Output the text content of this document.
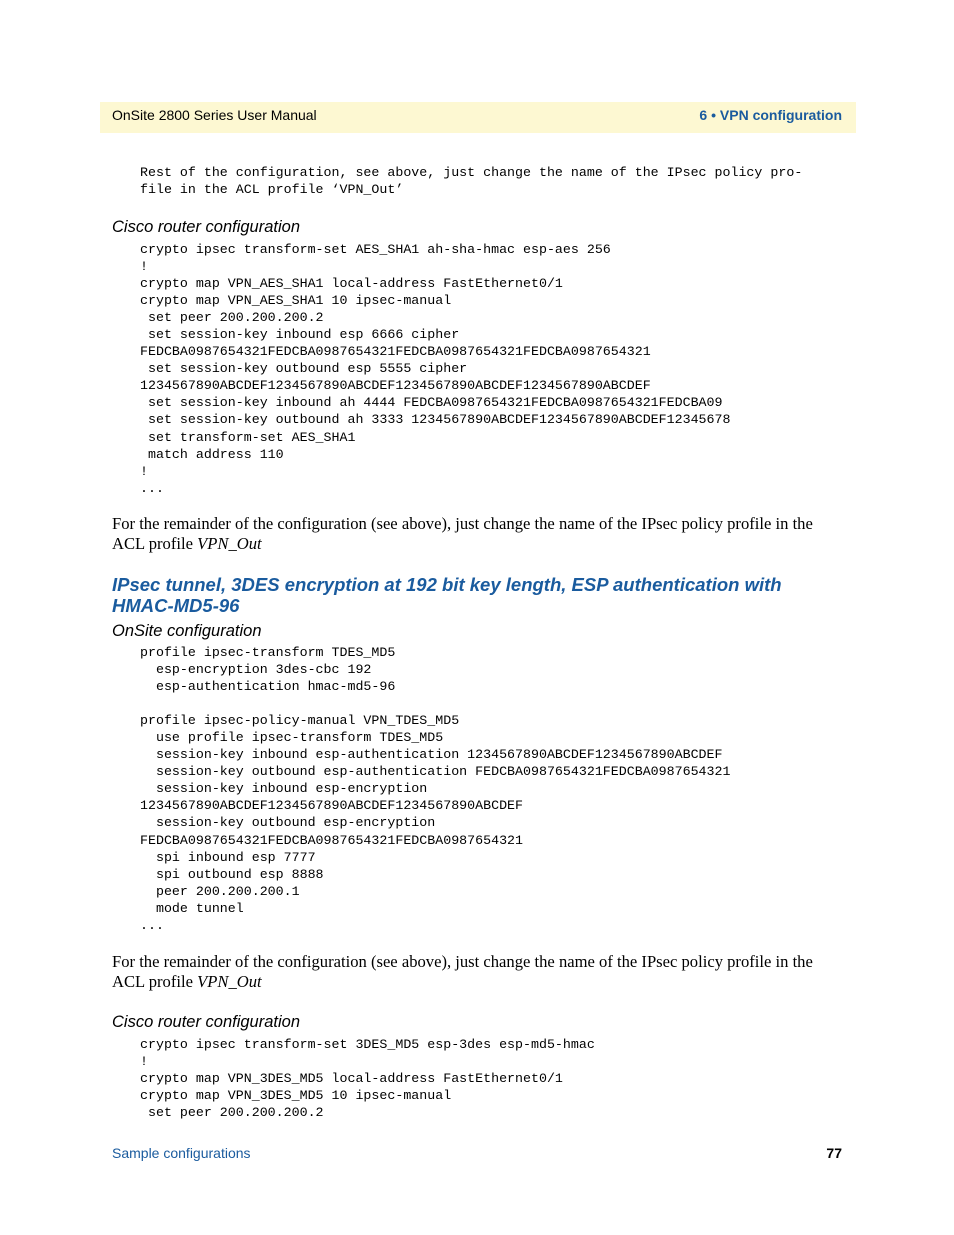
OnSite 2800 Series User Manual	6 • VPN configuration
Rest of the configuration, see above, just change the name of the IPsec policy pro-
file in the ACL profile ‘VPN_Out’
Cisco router configuration
crypto ipsec transform-set AES_SHA1 ah-sha-hmac esp-aes 256
!
crypto map VPN_AES_SHA1 local-address FastEthernet0/1
crypto map VPN_AES_SHA1 10 ipsec-manual
set peer 200.200.200.2
set session-key inbound esp 6666 cipher
FEDCBA0987654321FEDCBA0987654321FEDCBA0987654321FEDCBA0987654321
set session-key outbound esp 5555 cipher
1234567890ABCDEF1234567890ABCDEF1234567890ABCDEF1234567890ABCDEF
set session-key inbound ah 4444 FEDCBA0987654321FEDCBA0987654321FEDCBA09
set session-key outbound ah 3333 1234567890ABCDEF1234567890ABCDEF12345678
set transform-set AES_SHA1
match address 110
!
...

For the remainder of the configuration (see above), just change the name of the IPsec policy profile in the ACL profile VPN_Out

IPsec tunnel, 3DES encryption at 192 bit key length, ESP authentication with HMAC-MD5-96
OnSite configuration
profile ipsec-transform TDES_MD5
esp-encryption 3des-cbc 192
esp-authentication hmac-md5-96

profile ipsec-policy-manual VPN_TDES_MD5
use profile ipsec-transform TDES_MD5
session-key inbound esp-authentication 1234567890ABCDEF1234567890ABCDEF
session-key outbound esp-authentication FEDCBA0987654321FEDCBA0987654321
session-key inbound esp-encryption
1234567890ABCDEF1234567890ABCDEF1234567890ABCDEF
session-key outbound esp-encryption
FEDCBA0987654321FEDCBA0987654321FEDCBA0987654321
spi inbound esp 7777
spi outbound esp 8888
peer 200.200.200.1
mode tunnel
...

For the remainder of the configuration (see above), just change the name of the IPsec policy profile in the ACL profile VPN_Out

Cisco router configuration
crypto ipsec transform-set 3DES_MD5 esp-3des esp-md5-hmac
!
crypto map VPN_3DES_MD5 local-address FastEthernet0/1
crypto map VPN_3DES_MD5 10 ipsec-manual
set peer 200.200.200.2
Sample configurations	77
